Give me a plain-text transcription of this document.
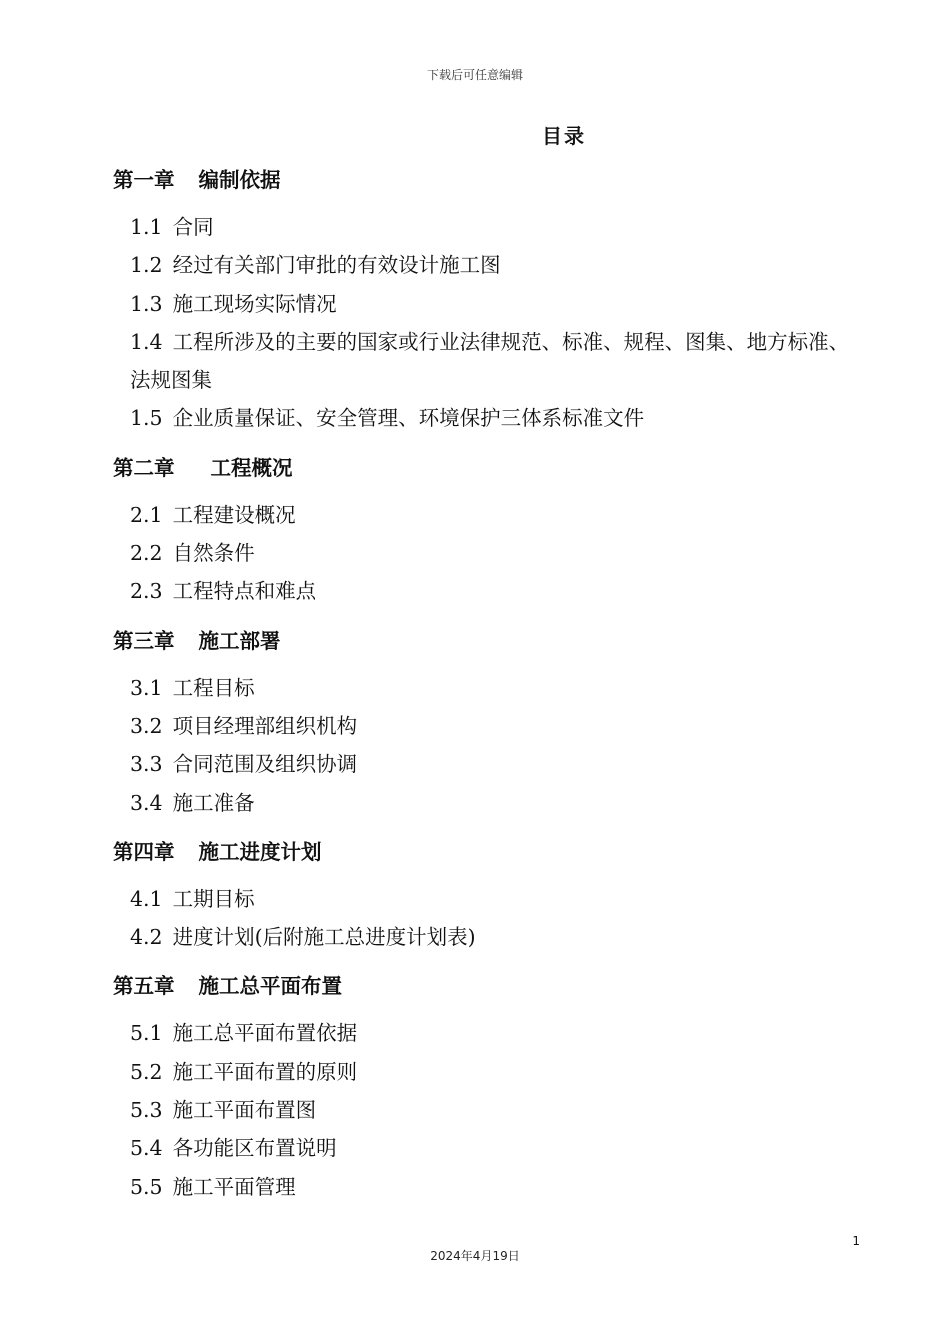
下载后可任意编辑
目录
第一章 编制依据
1.1 合同
1.2 经过有关部门审批的有效设计施工图
1.3 施工现场实际情况
1.4 工程所涉及的主要的国家或行业法律规范、标准、规程、图集、地方标准、法规图集
1.5 企业质量保证、安全管理、环境保护三体系标准文件
第二章 工程概况
2.1 工程建设概况
2.2 自然条件
2.3 工程特点和难点
第三章 施工部署
3.1 工程目标
3.2 项目经理部组织机构
3.3 合同范围及组织协调
3.4 施工准备
第四章 施工进度计划
4.1 工期目标
4.2 进度计划(后附施工总进度计划表)
第五章 施工总平面布置
5.1 施工总平面布置依据
5.2 施工平面布置的原则
5.3 施工平面布置图
5.4 各功能区布置说明
5.5 施工平面管理
1
2024年4月19日
